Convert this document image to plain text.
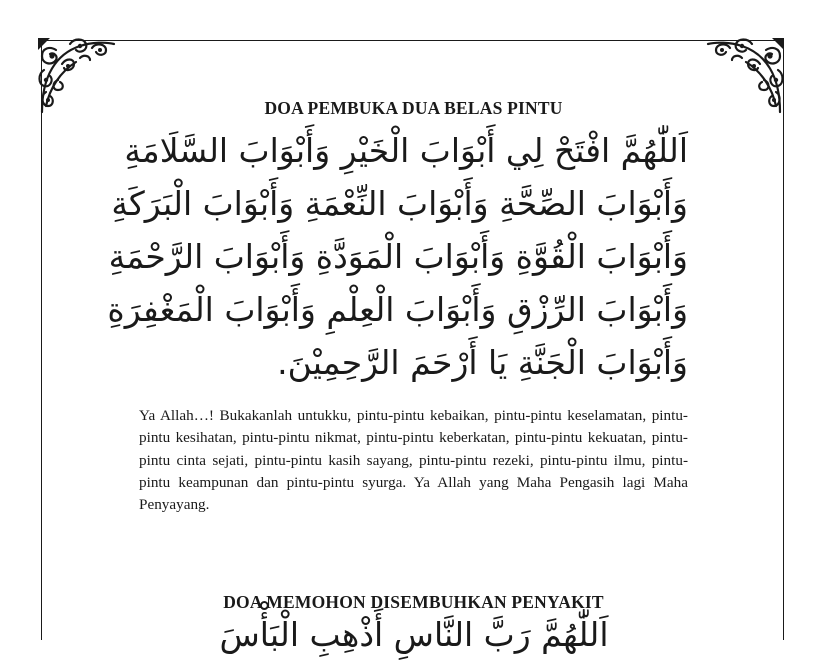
DOA PEMBUKA DUA BELAS PINTU
اَللّٰهُمَّ افْتَحْ لِي أَبْوَابَ الْخَيْرِ وَأَبْوَابَ السَّلَامَةِ
وَأَبْوَابَ الصِّحَّةِ وَأَبْوَابَ النِّعْمَةِ وَأَبْوَابَ الْبَرَكَةِ
وَأَبْوَابَ الْقُوَّةِ وَأَبْوَابَ الْمَوَدَّةِ وَأَبْوَابَ الرَّحْمَةِ
وَأَبْوَابَ الرِّزْقِ وَأَبْوَابَ الْعِلْمِ وَأَبْوَابَ الْمَغْفِرَةِ
وَأَبْوَابَ الْجَنَّةِ يَا أَرْحَمَ الرَّحِمِيْنَ.
Ya Allah…! Bukakanlah untukku, pintu-pintu kebaikan, pintu-pintu keselamatan, pintu-pintu kesihatan, pintu-pintu nikmat, pintu-pintu keberkatan, pintu-pintu kekuatan, pintu-pintu cinta sejati, pintu-pintu kasih sayang, pintu-pintu rezeki, pintu-pintu ilmu, pintu-pintu keampunan dan pintu-pintu syurga. Ya Allah yang Maha Pengasih lagi Maha Penyayang.
DOA MEMOHON DISEMBUHKAN PENYAKIT
اَللّٰهُمَّ رَبَّ النَّاسِ أَذْهِبِ الْبَأْسَ
